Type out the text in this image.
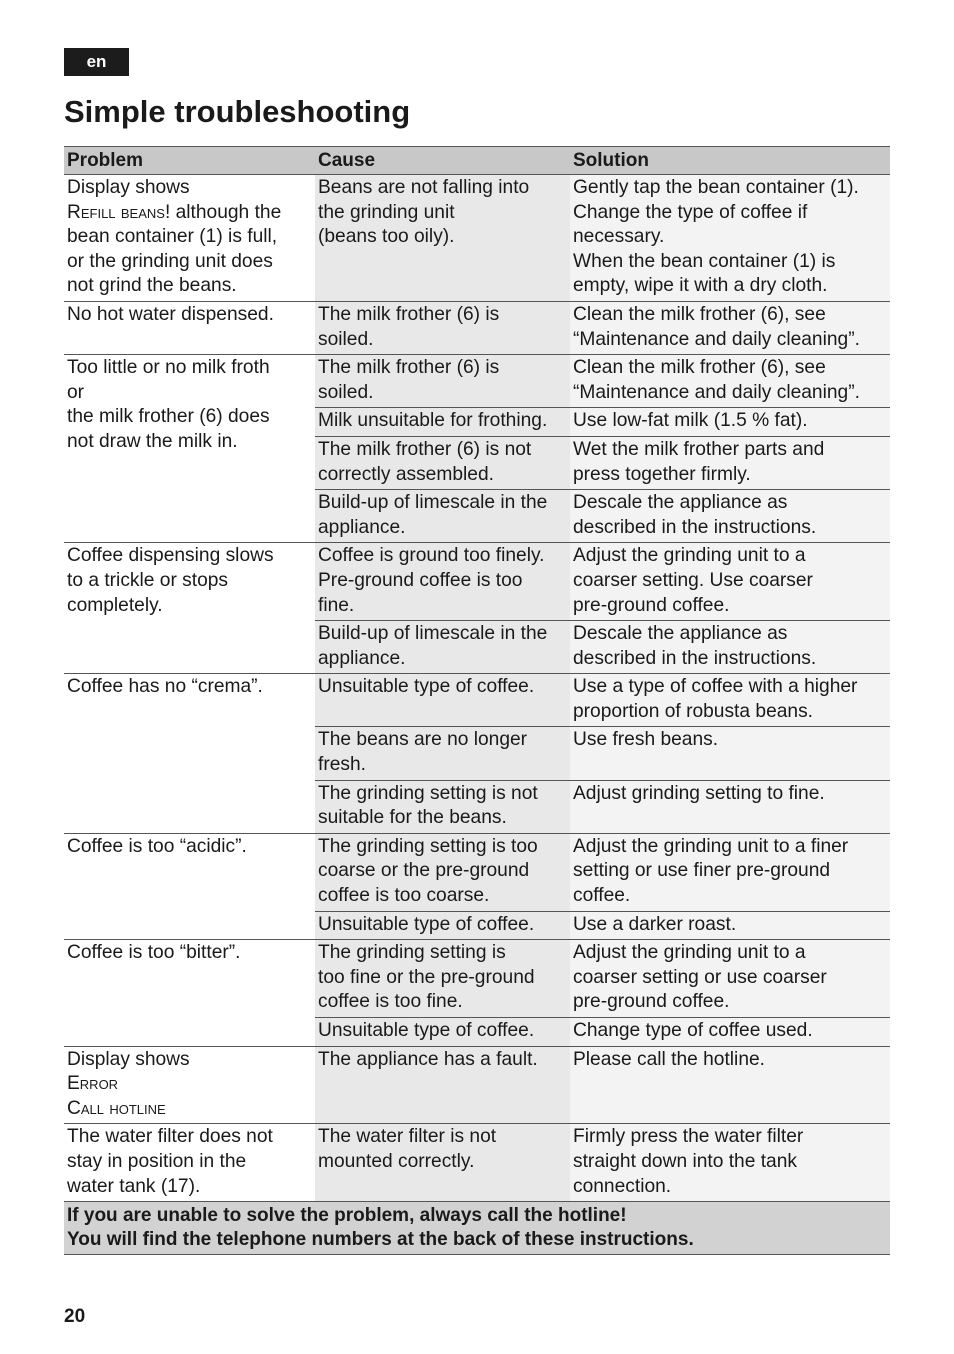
en
Simple troubleshooting
Problem	Cause	Solution
Display shows
Refill beans! although the
bean container (1) is full,
or the grinding unit does
not grind the beans.	Beans are not falling into
the grinding unit
(beans too oily).	Gently tap the bean container (1).
Change the type of coffee if
necessary.
When the bean container (1) is
empty, wipe it with a dry cloth.
No hot water dispensed.	The milk frother (6) is
soiled.	Clean the milk frother (6), see
“Maintenance and daily cleaning”.
Too little or no milk froth
or
the milk frother (6) does
not draw the milk in.	The milk frother (6) is
soiled.	Clean the milk frother (6), see
“Maintenance and daily cleaning”.
	Milk unsuitable for frothing.	Use low-fat milk (1.5 % fat).
	The milk frother (6) is not
correctly assembled.	Wet the milk frother parts and
press together firmly.
	Build-up of limescale in the
appliance.	Descale the appliance as
described in the instructions.
Coffee dispensing slows
to a trickle or stops
completely.	Coffee is ground too finely.
Pre-ground coffee is too
fine.	Adjust the grinding unit to a
coarser setting. Use coarser
pre-ground coffee.
	Build-up of limescale in the
appliance.	Descale the appliance as
described in the instructions.
Coffee has no “crema”.	Unsuitable type of coffee.	Use a type of coffee with a higher
proportion of robusta beans.
	The beans are no longer
fresh.	Use fresh beans.
	The grinding setting is not
suitable for the beans.	Adjust grinding setting to fine.
Coffee is too “acidic”.	The grinding setting is too
coarse or the pre-ground
coffee is too coarse.	Adjust the grinding unit to a finer
setting or use finer pre-ground
coffee.
	Unsuitable type of coffee.	Use a darker roast.
Coffee is too “bitter”.	The grinding setting is
too fine or the pre-ground
coffee is too fine.	Adjust the grinding unit to a
coarser setting or use coarser
pre-ground coffee.
	Unsuitable type of coffee.	Change type of coffee used.
Display shows
Error
Call hotline	The appliance has a fault.	Please call the hotline.
The water filter does not
stay in position in the
water tank (17).	The water filter is not
mounted correctly.	Firmly press the water filter
straight down into the tank
connection.
If you are unable to solve the problem, always call the hotline!
You will find the telephone numbers at the back of these instructions.		
20
